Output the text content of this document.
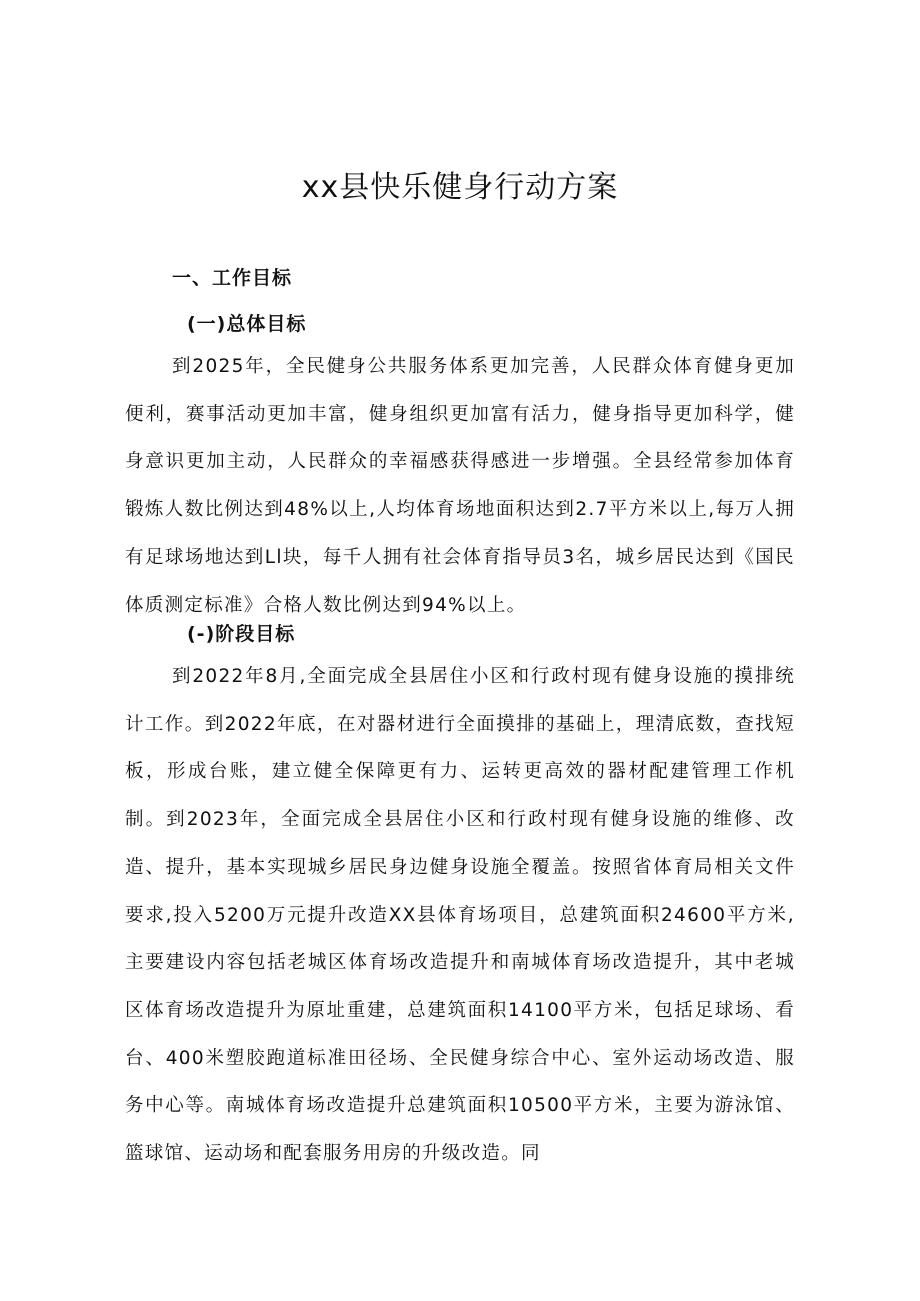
xx县快乐健身行动方案
一、工作目标
(一)总体目标

到2025年，全民健身公共服务体系更加完善，人民群众体育健身更加便利，赛事活动更加丰富，健身组织更加富有活力，健身指导更加科学，健身意识更加主动，人民群众的幸福感获得感进一步增强。全县经常参加体育锻炼人数比例达到48%以上,人均体育场地面积达到2.7平方米以上,每万人拥有足球场地达到Ll块，每千人拥有社会体育指导员3名，城乡居民达到《国民体质测定标准》合格人数比例达到94%以上。

(-)阶段目标

到2022年8月,全面完成全县居住小区和行政村现有健身设施的摸排统计工作。到2022年底，在对器材进行全面摸排的基础上，理清底数，查找短板，形成台账，建立健全保障更有力、运转更高效的器材配建管理工作机制。到2023年，全面完成全县居住小区和行政村现有健身设施的维修、改造、提升，基本实现城乡居民身边健身设施全覆盖。按照省体育局相关文件要求,投入5200万元提升改造XX县体育场项目，总建筑面积24600平方米,主要建设内容包括老城区体育场改造提升和南城体育场改造提升，其中老城区体育场改造提升为原址重建，总建筑面积14100平方米，包括足球场、看台、400米塑胶跑道标准田径场、全民健身综合中心、室外运动场改造、服务中心等。南城体育场改造提升总建筑面积10500平方米，主要为游泳馆、篮球馆、运动场和配套服务用房的升级改造。同
